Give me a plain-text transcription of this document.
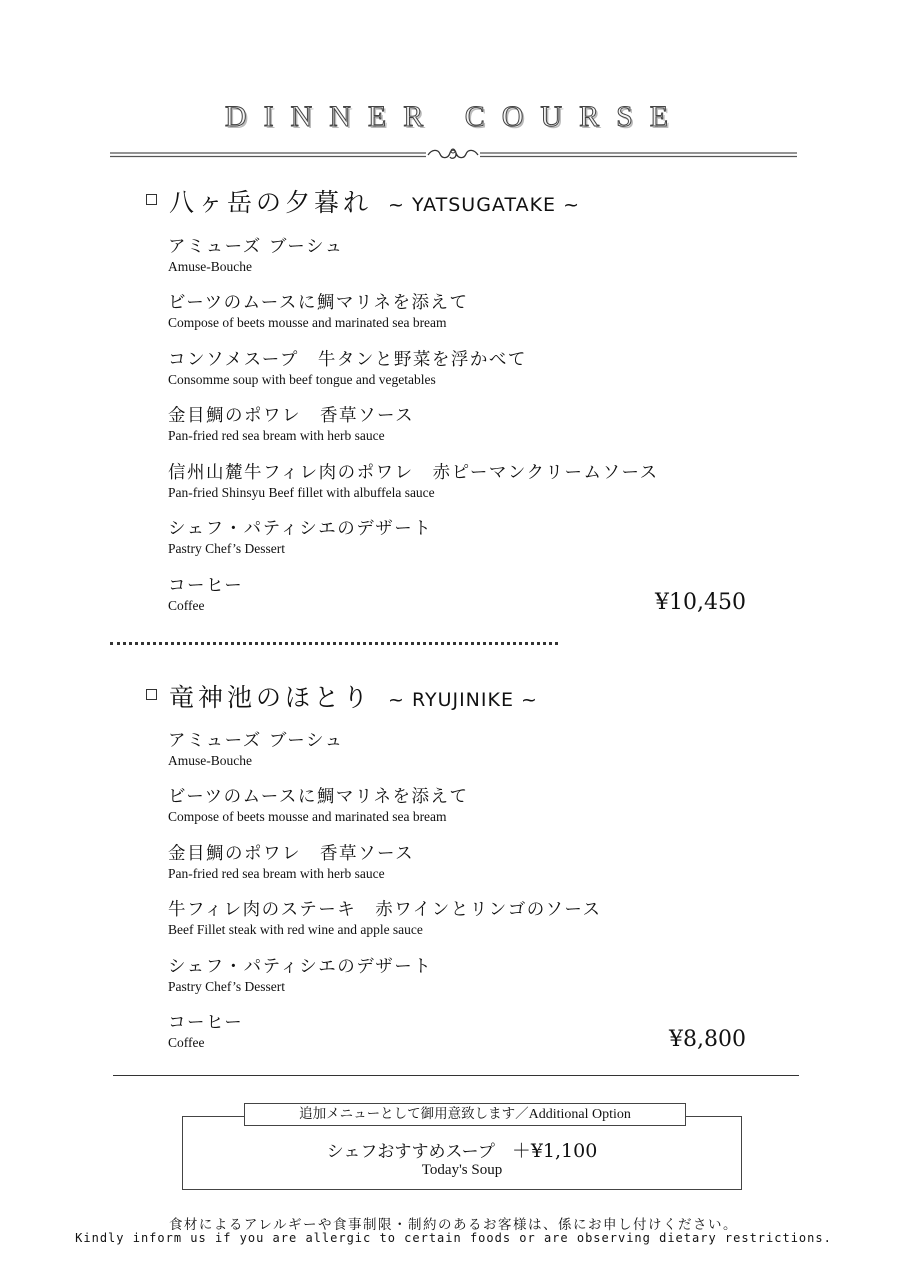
DINNER COURSE
八ヶ岳の夕暮れ ~ YATSUGATAKE ~
アミューズ ブーシュ
Amuse-Bouche
ビーツのムースに鯛マリネを添えて
Compose of beets mousse and marinated sea bream
コンソメスープ　牛タンと野菜を浮かべて
Consomme soup with beef tongue and vegetables
金目鯛のポワレ　香草ソース
Pan-fried red sea bream with herb sauce
信州山麓牛フィレ肉のポワレ　赤ピーマンクリームソース
Pan-fried Shinsyu Beef fillet with albuffela sauce
シェフ・パティシエのデザート
Pastry Chef’s Dessert
コーヒー
Coffee	¥10,450
竜神池のほとり ~ RYUJINIKE ~
アミューズ ブーシュ
Amuse-Bouche
ビーツのムースに鯛マリネを添えて
Compose of beets mousse and marinated sea bream
金目鯛のポワレ　香草ソース
Pan-fried red sea bream with herb sauce
牛フィレ肉のステーキ　赤ワインとリンゴのソース
Beef Fillet steak with red wine and apple sauce
シェフ・パティシエのデザート
Pastry Chef’s Dessert
コーヒー
Coffee	¥8,800
追加メニューとして御用意致します／Additional Option
シェフおすすめスープ　 ＋¥1,100
Today's Soup
食材によるアレルギーや食事制限・制約のあるお客様は、係にお申し付けください。
Kindly inform us if you are allergic to certain foods or are observing dietary restrictions.
